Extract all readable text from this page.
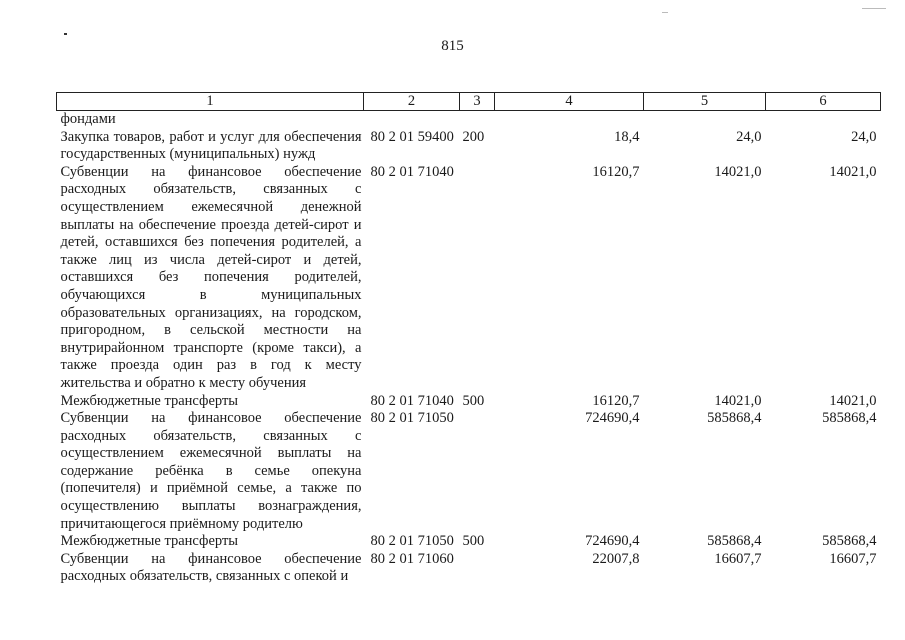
815
1	2	3	4	5	6
фондами					
Закупка товаров, работ и услуг для обеспечения государственных (муниципальных) нужд	80 2 01 59400	200	18,4	24,0	24,0
Субвенции на финансовое обеспечение расходных обязательств, связанных с осуществлением ежемесячной денежной выплаты на обеспечение проезда детей-сирот и детей, оставшихся без попечения родителей, а также лиц из числа детей-сирот и детей, оставшихся без попечения родителей, обучающихся в муниципальных образовательных организациях, на городском, пригородном, в сельской местности на внутрирайонном транспорте (кроме такси), а также проезда один раз в год к месту жительства и обратно к месту обучения	80 2 01 71040		16120,7	14021,0	14021,0
Межбюджетные трансферты	80 2 01 71040	500	16120,7	14021,0	14021,0
Субвенции на финансовое обеспечение расходных обязательств, связанных с осуществлением ежемесячной выплаты на содержание ребёнка в семье опекуна (попечителя) и приёмной семье, а также по осуществлению выплаты вознаграждения, причитающегося приёмному родителю	80 2 01 71050		724690,4	585868,4	585868,4
Межбюджетные трансферты	80 2 01 71050	500	724690,4	585868,4	585868,4
Субвенции на финансовое обеспечение расходных обязательств, связанных с опекой и	80 2 01 71060		22007,8	16607,7	16607,7
